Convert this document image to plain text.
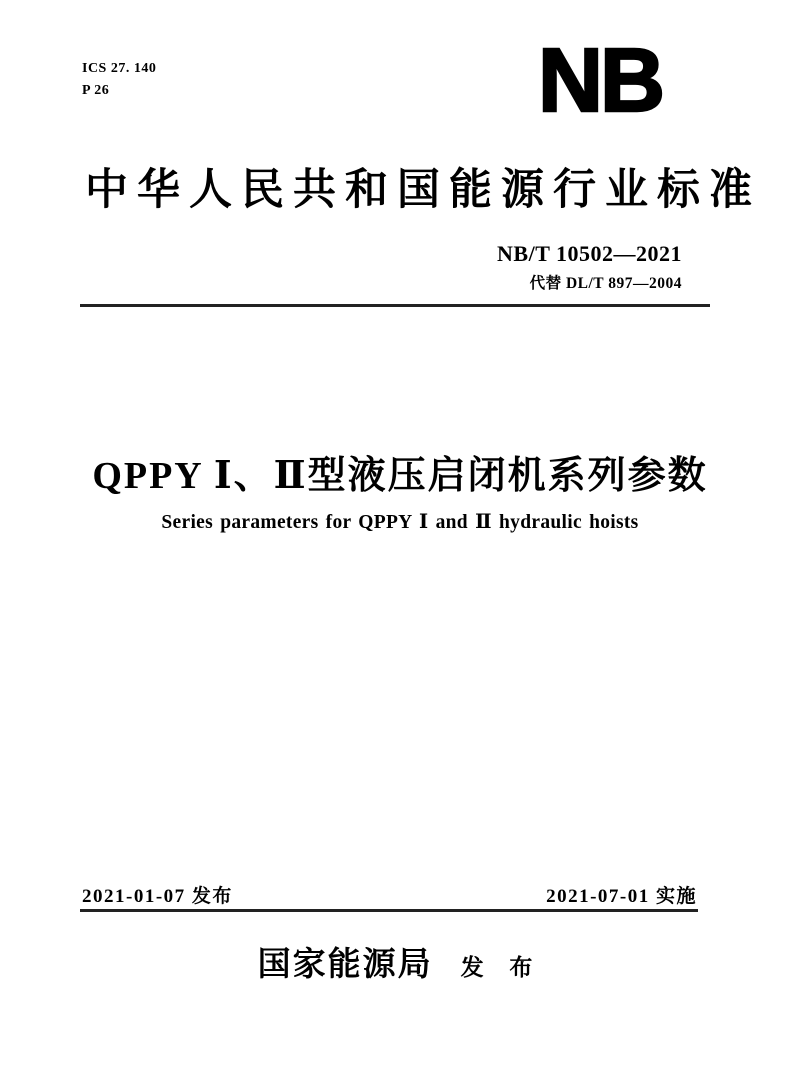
ICS 27. 140
P 26	NB
中华人民共和国能源行业标准
NB/T 10502—2021
代替 DL/T 897—2004
QPPY Ⅰ、Ⅱ型液压启闭机系列参数
Series parameters for QPPY Ⅰ and Ⅱ hydraulic hoists
2021-01-07 发布	2021-07-01 实施
国家能源局 发 布
